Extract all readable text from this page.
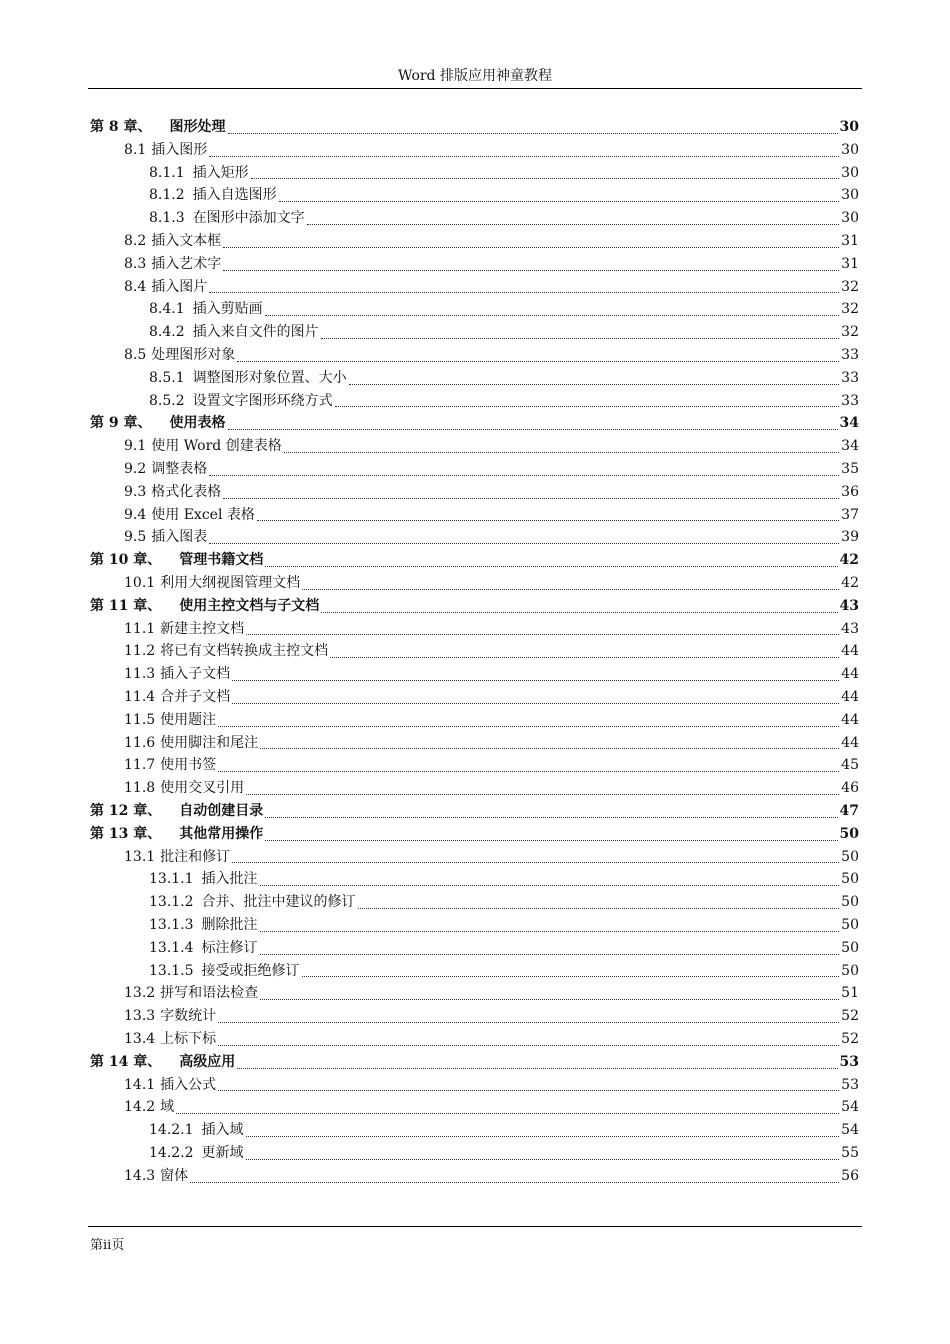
Word 排版应用神童教程
第 8 章、 图形处理	30
8.1 插入图形	30
8.1.1 插入矩形	30
8.1.2 插入自选图形	30
8.1.3 在图形中添加文字	30
8.2 插入文本框	31
8.3 插入艺术字	31
8.4 插入图片	32
8.4.1 插入剪贴画	32
8.4.2 插入来自文件的图片	32
8.5 处理图形对象	33
8.5.1 调整图形对象位置、大小	33
8.5.2 设置文字图形环绕方式	33
第 9 章、 使用表格	34
9.1 使用 Word 创建表格	34
9.2 调整表格	35
9.3 格式化表格	36
9.4 使用 Excel 表格	37
9.5 插入图表	39
第 10 章、 管理书籍文档	42
10.1 利用大纲视图管理文档	42
第 11 章、 使用主控文档与子文档	43
11.1 新建主控文档	43
11.2 将已有文档转换成主控文档	44
11.3 插入子文档	44
11.4 合并子文档	44
11.5 使用题注	44
11.6 使用脚注和尾注	44
11.7 使用书签	45
11.8 使用交叉引用	46
第 12 章、 自动创建目录	47
第 13 章、 其他常用操作	50
13.1 批注和修订	50
13.1.1 插入批注	50
13.1.2 合并、批注中建议的修订	50
13.1.3 删除批注	50
13.1.4 标注修订	50
13.1.5 接受或拒绝修订	50
13.2 拼写和语法检查	51
13.3 字数统计	52
13.4 上标下标	52
第 14 章、 高级应用	53
14.1 插入公式	53
14.2 域	54
14.2.1 插入域	54
14.2.2 更新域	55
14.3 窗体	56
第ii页
